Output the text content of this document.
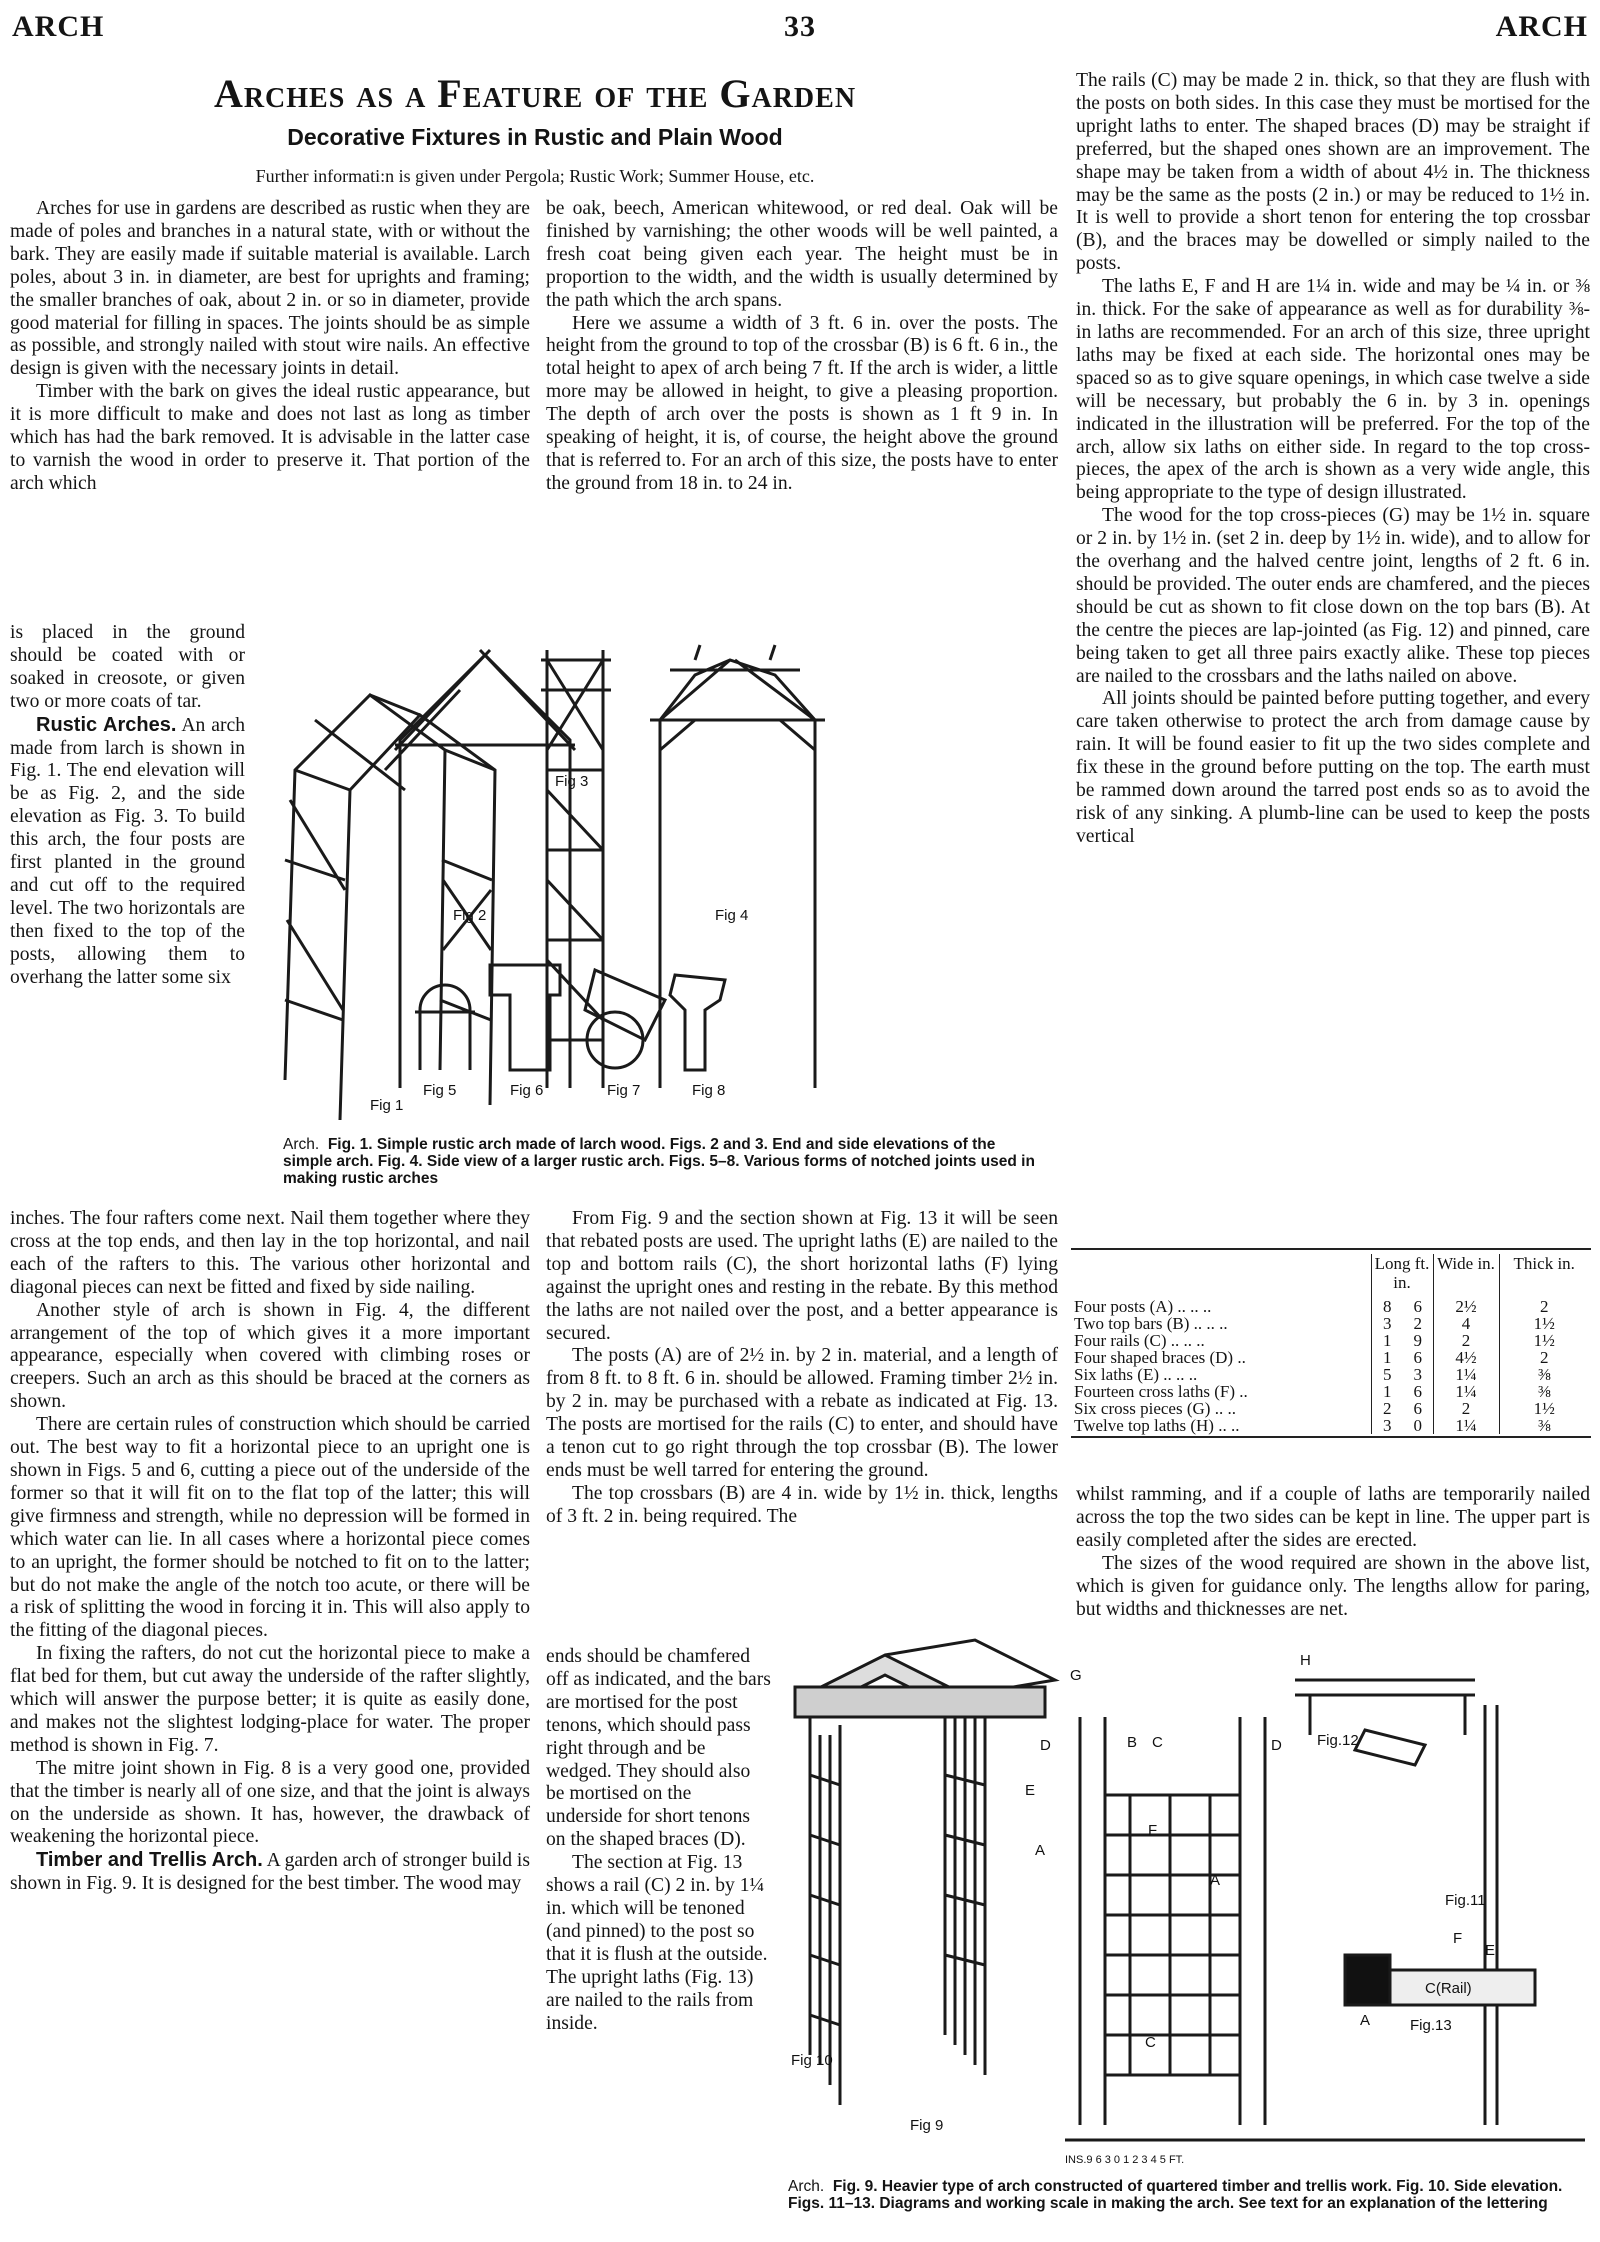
ARCH	33	ARCH
Arches as a Feature of the Garden
Decorative Fixtures in Rustic and Plain Wood
Further informati:n is given under Pergola; Rustic Work; Summer House, etc.

Arches for use in gardens are described as rustic when they are made of poles and branches in a natural state, with or without the bark. They are easily made if suitable material is available. Larch poles, about 3 in. in diameter, are best for uprights and framing; the smaller branches of oak, about 2 in. or so in diameter, provide good material for filling in spaces. The joints should be as simple as possible, and strongly nailed with stout wire nails. An effective design is given with the necessary joints in detail.

Timber with the bark on gives the ideal rustic appearance, but it is more difficult to make and does not last as long as timber which has had the bark removed. It is advisable in the latter case to varnish the wood in order to preserve it. That portion of the arch which

is placed in the ground should be coated with or soaked in creosote, or given two or more coats of tar.

Rustic Arches. An arch made from larch is shown in Fig. 1. The end elevation will be as Fig. 2, and the side elevation as Fig. 3. To build this arch, the four posts are first planted in the ground and cut off to the required level. The two horizontals are then fixed to the top of the posts, allowing them to overhang the latter some six

inches. The four rafters come next. Nail them together where they cross at the top ends, and then lay in the top horizontal, and nail each of the rafters to this. The various other horizontal and diagonal pieces can next be fitted and fixed by side nailing.

Another style of arch is shown in Fig. 4, the different arrangement of the top of which gives it a more important appearance, especially when covered with climbing roses or creepers. Such an arch as this should be braced at the corners as shown.

There are certain rules of construction which should be carried out. The best way to fit a horizontal piece to an upright one is shown in Figs. 5 and 6, cutting a piece out of the underside of the former so that it will fit on to the flat top of the latter; this will give firmness and strength, while no depression will be formed in which water can lie. In all cases where a horizontal piece comes to an upright, the former should be notched to fit on to the latter; but do not make the angle of the notch too acute, or there will be a risk of splitting the wood in forcing it in. This will also apply to the fitting of the diagonal pieces.

In fixing the rafters, do not cut the horizontal piece to make a flat bed for them, but cut away the underside of the rafter slightly, which will answer the purpose better; it is quite as easily done, and makes not the slightest lodging-place for water. The proper method is shown in Fig. 7.

The mitre joint shown in Fig. 8 is a very good one, provided that the timber is nearly all of one size, and that the joint is always on the underside as shown. It has, however, the drawback of weakening the horizontal piece.

Timber and Trellis Arch. A garden arch of stronger build is shown in Fig. 9. It is designed for the best timber. The wood may

be oak, beech, American whitewood, or red deal. Oak will be finished by varnishing; the other woods will be well painted, a fresh coat being given each year. The height must be in proportion to the width, and the width is usually determined by the path which the arch spans.

Here we assume a width of 3 ft. 6 in. over the posts. The height from the ground to top of the crossbar (B) is 6 ft. 6 in., the total height to apex of arch being 7 ft. If the arch is wider, a little more may be allowed in height, to give a pleasing proportion. The depth of arch over the posts is shown as 1 ft 9 in. In speaking of height, it is, of course, the height above the ground that is referred to. For an arch of this size, the posts have to enter the ground from 18 in. to 24 in.

From Fig. 9 and the section shown at Fig. 13 it will be seen that rebated posts are used. The upright laths (E) are nailed to the top and bottom rails (C), the short horizontal laths (F) lying against the upright ones and resting in the rebate. By this method the laths are not nailed over the post, and a better appearance is secured.

The posts (A) are of 2½ in. by 2 in. material, and a length of from 8 ft. to 8 ft. 6 in. should be allowed. Framing timber 2½ in. by 2 in. may be purchased with a rebate as indicated at Fig. 13. The posts are mortised for the rails (C) to enter, and should have a tenon cut to go right through the top crossbar (B). The lower ends must be well tarred for entering the ground.

The top crossbars (B) are 4 in. wide by 1½ in. thick, lengths of 3 ft. 2 in. being required. The

ends should be chamfered off as indicated, and the bars are mortised for the post tenons, which should pass right through and be wedged. They should also be mortised on the underside for short tenons on the shaped braces (D).

The section at Fig. 13 shows a rail (C) 2 in. by 1¼ in. which will be tenoned (and pinned) to the post so that it is flush at the outside. The upright laths (Fig. 13) are nailed to the rails from inside.

The rails (C) may be made 2 in. thick, so that they are flush with the posts on both sides. In this case they must be mortised for the upright laths to enter. The shaped braces (D) may be straight if preferred, but the shaped ones shown are an improvement. The shape may be taken from a width of about 4½ in. The thickness may be the same as the posts (2 in.) or may be reduced to 1½ in. It is well to provide a short tenon for entering the top crossbar (B), and the braces may be dowelled or simply nailed to the posts.

The laths E, F and H are 1¼ in. wide and may be ¼ in. or ⅜ in. thick. For the sake of appearance as well as for durability ⅜-in laths are recommended. For an arch of this size, three upright laths may be fixed at each side. The horizontal ones may be spaced so as to give square openings, in which case twelve a side will be necessary, but probably the 6 in. by 3 in. openings indicated in the illustration will be preferred. For the top of the arch, allow six laths on either side. In regard to the top cross-pieces, the apex of the arch is shown as a very wide angle, this being appropriate to the type of design illustrated.

The wood for the top cross-pieces (G) may be 1½ in. square or 2 in. by 1½ in. (set 2 in. deep by 1½ in. wide), and to allow for the overhang and the halved centre joint, lengths of 2 ft. 6 in. should be provided. The outer ends are chamfered, and the pieces should be cut as shown to fit close down on the top bars (B). At the centre the pieces are lap-jointed (as Fig. 12) and pinned, care being taken to get all three pairs exactly alike. These top pieces are nailed to the crossbars and the laths nailed on above.

All joints should be painted before putting together, and every care taken otherwise to protect the arch from damage cause by rain. It will be found easier to fit up the two sides complete and fix these in the ground before putting on the top. The earth must be rammed down around the tarred post ends so as to avoid the risk of any sinking. A plumb-line can be used to keep the posts vertical

	Long ft. in.		Wide in.	Thick in.
Four posts (A) .. .. ..	8	6	2½	2
Two top bars (B) .. .. ..	3	2	4	1½
Four rails (C) .. .. ..	1	9	2	1½
Four shaped braces (D) ..	1	6	4½	2
Six laths (E) .. .. ..	5	3	1¼	⅜
Fourteen cross laths (F) ..	1	6	1¼	⅜
Six cross pieces (G) .. ..	2	6	2	1½
Twelve top laths (H) .. ..	3	0	1¼	⅜

whilst ramming, and if a couple of laths are temporarily nailed across the top the two sides can be kept in line. The upper part is easily completed after the sides are erected.

The sizes of the wood required are shown in the above list, which is given for guidance only. The lengths allow for paring, but widths and thicknesses are net.

Fig 1
Fig 2
Fig 3
Fig 4
Fig 5	Fig 6	Fig 7	Fig 8
Arch. Fig. 1. Simple rustic arch made of larch wood. Figs. 2 and 3. End and side elevations of the simple arch. Fig. 4. Side view of a larger rustic arch. Figs. 5–8. Various forms of notched joints used in making rustic arches
Fig 9
Fig 10
G
H
B C
C
F
E
A
A
D	D
C(Rail)
Fig.12
Fig.11
Fig.13
A
E
F
INS.9 6 3 0 1 2 3 4 5 FT.
Arch. Fig. 9. Heavier type of arch constructed of quartered timber and trellis work. Fig. 10. Side elevation. Figs. 11–13. Diagrams and working scale in making the arch. See text for an explanation of the lettering
